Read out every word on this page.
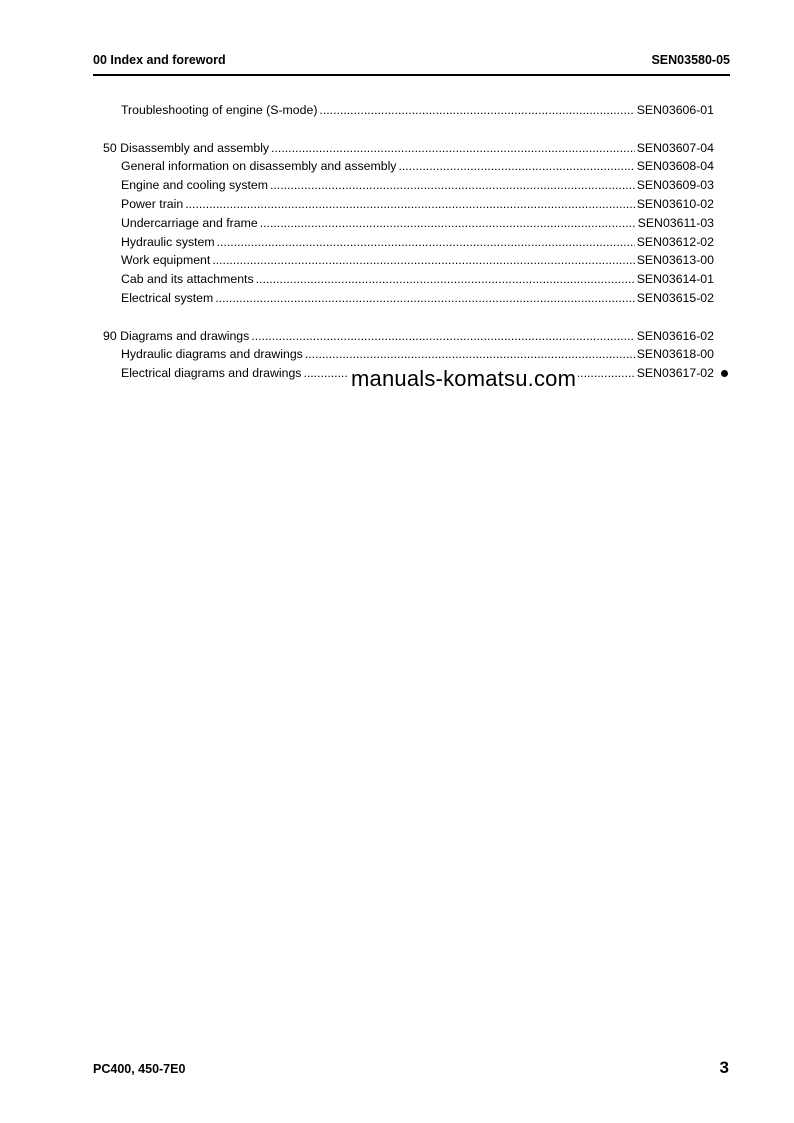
00 Index and foreword	SEN03580-05
Troubleshooting of engine (S-mode) .....	SEN03606-01
50 Disassembly and assembly .....	SEN03607-04
General information on disassembly and assembly .....	SEN03608-04
Engine and cooling system .....	SEN03609-03
Power train .....	SEN03610-02
Undercarriage and frame .....	SEN03611-03
Hydraulic system .....	SEN03612-02
Work equipment .....	SEN03613-00
Cab and its attachments .....	SEN03614-01
Electrical system .....	SEN03615-02
90 Diagrams and drawings .....	SEN03616-02
Hydraulic diagrams and drawings .....	SEN03618-00
Electrical diagrams and drawings .....	SEN03617-02
manuals-komatsu.com
PC400, 450-7E0	3
